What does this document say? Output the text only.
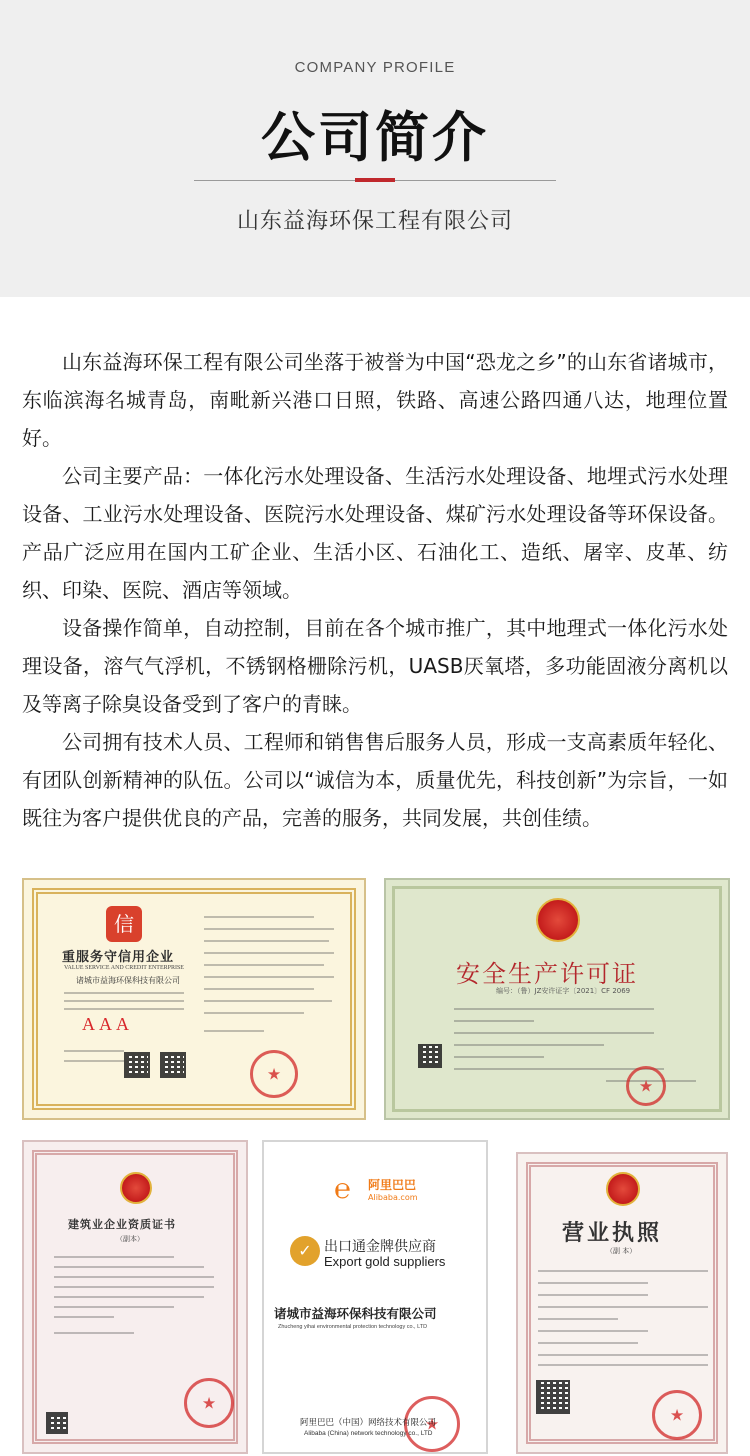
COMPANY PROFILE
公司简介
山东益海环保工程有限公司

山东益海环保工程有限公司坐落于被誉为中国“恐龙之乡”的山东省诸城市，东临滨海名城青岛，南毗新兴港口日照，铁路、高速公路四通八达，地理位置好。

公司主要产品：一体化污水处理设备、生活污水处理设备、地埋式污水处理设备、工业污水处理设备、医院污水处理设备、煤矿污水处理设备等环保设备。产品广泛应用在国内工矿企业、生活小区、石油化工、造纸、屠宰、皮革、纺织、印染、医院、酒店等领域。

设备操作简单，自动控制，目前在各个城市推广，其中地理式一体化污水处理设备，溶气气浮机，不锈钢格栅除污机，UASB厌氧塔，多功能固液分离机以及等离子除臭设备受到了客户的青睐。

公司拥有技术人员、工程师和销售售后服务人员，形成一支高素质年轻化、有团队创新精神的队伍。公司以“诚信为本，质量优先，科技创新”为宗旨，一如既往为客户提供优良的产品，完善的服务，共同发展，共创佳绩。

信
重服务守信用企业
VALUE SERVICE AND CREDIT ENTERPRISE
诸城市益海环保科技有限公司
AAA
★
安全生产许可证
编号：（鲁）JZ安许证字〔2021〕CF 2069
★
建筑业企业资质证书
（副本）
★
℮ 阿里巴巴
Alibaba.com
✓ 出口通金牌供应商
Export gold suppliers
诸城市益海环保科技有限公司
Zhucheng yihai environmental protection technology co., LTD
★
阿里巴巴（中国）网络技术有限公司
Alibaba (China) network technology co., LTD
营业执照
（副 本）
★
